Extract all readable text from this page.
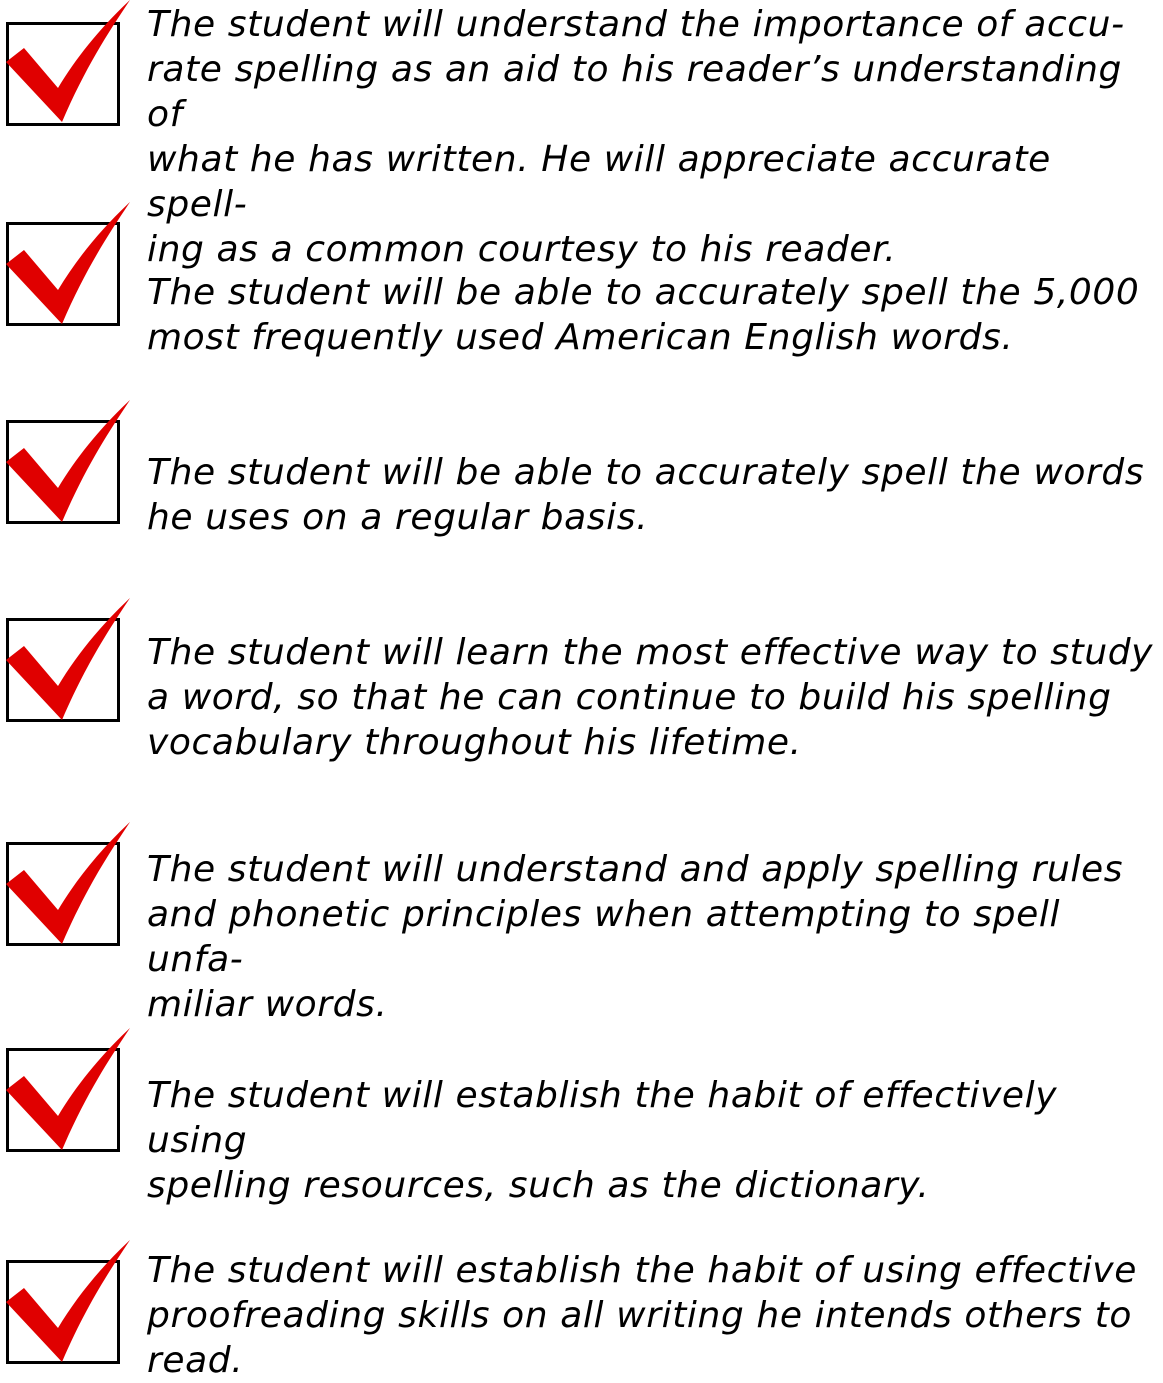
The student will understand the importance of accu-
rate spelling as an aid to his reader’s understanding of
what he has written. He will appreciate accurate spell-
ing as a common courtesy to his reader.
The student will be able to accurately spell the 5,000
most frequently used American English words.
The student will be able to accurately spell the words
he uses on a regular basis.
The student will learn the most effective way to study
a word, so that he can continue to build his spelling
vocabulary throughout his lifetime.
The student will understand and apply spelling rules
and phonetic principles when attempting to spell unfa-
miliar words.
The student will establish the habit of effectively using
spelling resources, such as the dictionary.
The student will establish the habit of using effective
proofreading skills on all writing he intends others to
read.
